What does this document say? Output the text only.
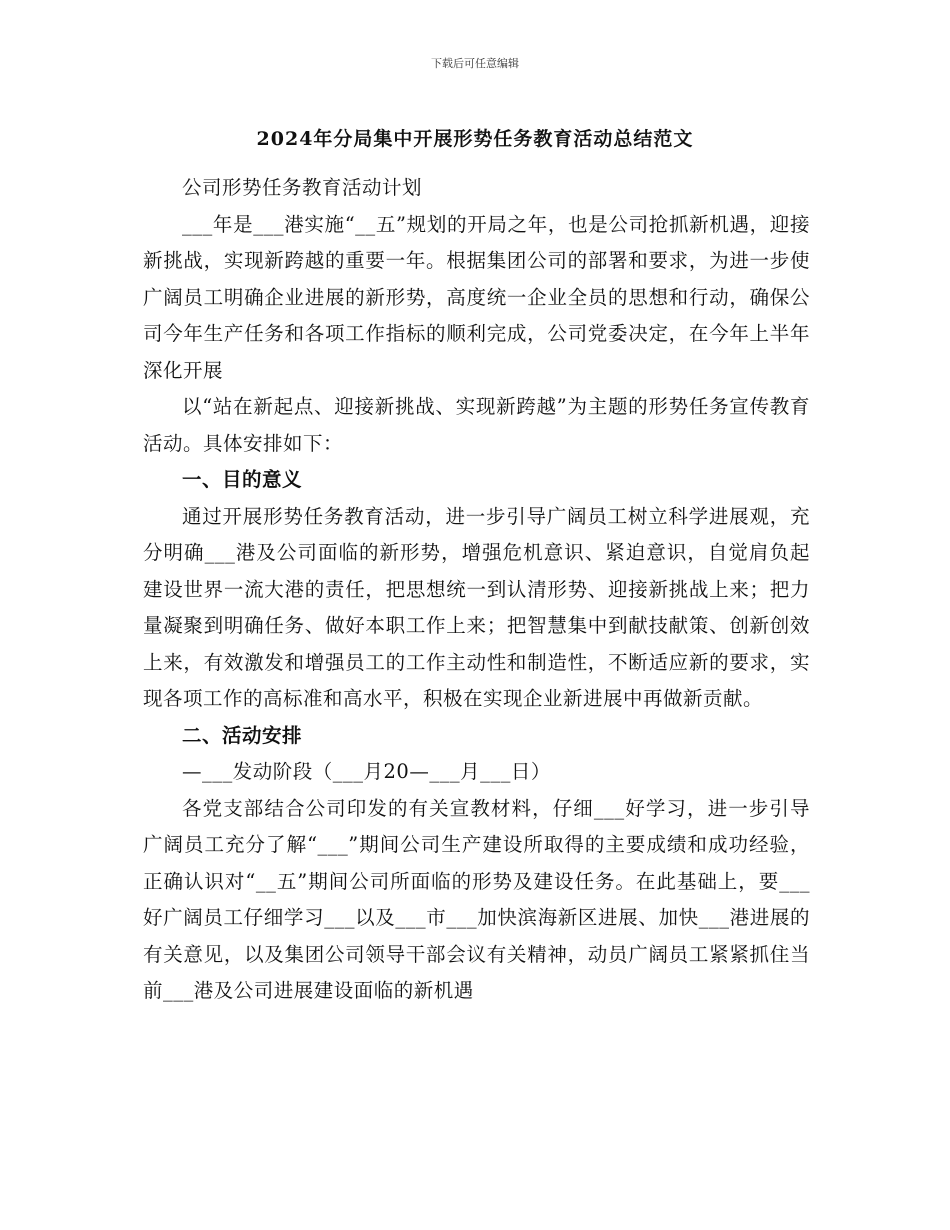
下载后可任意编辑
2024年分局集中开展形势任务教育活动总结范文

公司形势任务教育活动计划

___年是___港实施“__五”规划的开局之年，也是公司抢抓新机遇，迎接新挑战，实现新跨越的重要一年。根据集团公司的部署和要求，为进一步使广阔员工明确企业进展的新形势，高度统一企业全员的思想和行动，确保公司今年生产任务和各项工作指标的顺利完成，公司党委决定，在今年上半年深化开展

以“站在新起点、迎接新挑战、实现新跨越”为主题的形势任务宣传教育活动。具体安排如下：

一、目的意义

通过开展形势任务教育活动，进一步引导广阔员工树立科学进展观，充分明确___港及公司面临的新形势，增强危机意识、紧迫意识，自觉肩负起建设世界一流大港的责任，把思想统一到认清形势、迎接新挑战上来；把力量凝聚到明确任务、做好本职工作上来；把智慧集中到献技献策、创新创效上来，有效激发和增强员工的工作主动性和制造性，不断适应新的要求，实现各项工作的高标准和高水平，积极在实现企业新进展中再做新贡献。

二、活动安排

—___发动阶段（___月20—___月___日）

各党支部结合公司印发的有关宣教材料，仔细___好学习，进一步引导广阔员工充分了解“___”期间公司生产建设所取得的主要成绩和成功经验，正确认识对“__五”期间公司所面临的形势及建设任务。在此基础上，要___好广阔员工仔细学习___以及___市___加快滨海新区进展、加快___港进展的有关意见，以及集团公司领导干部会议有关精神，动员广阔员工紧紧抓住当前___港及公司进展建设面临的新机遇
